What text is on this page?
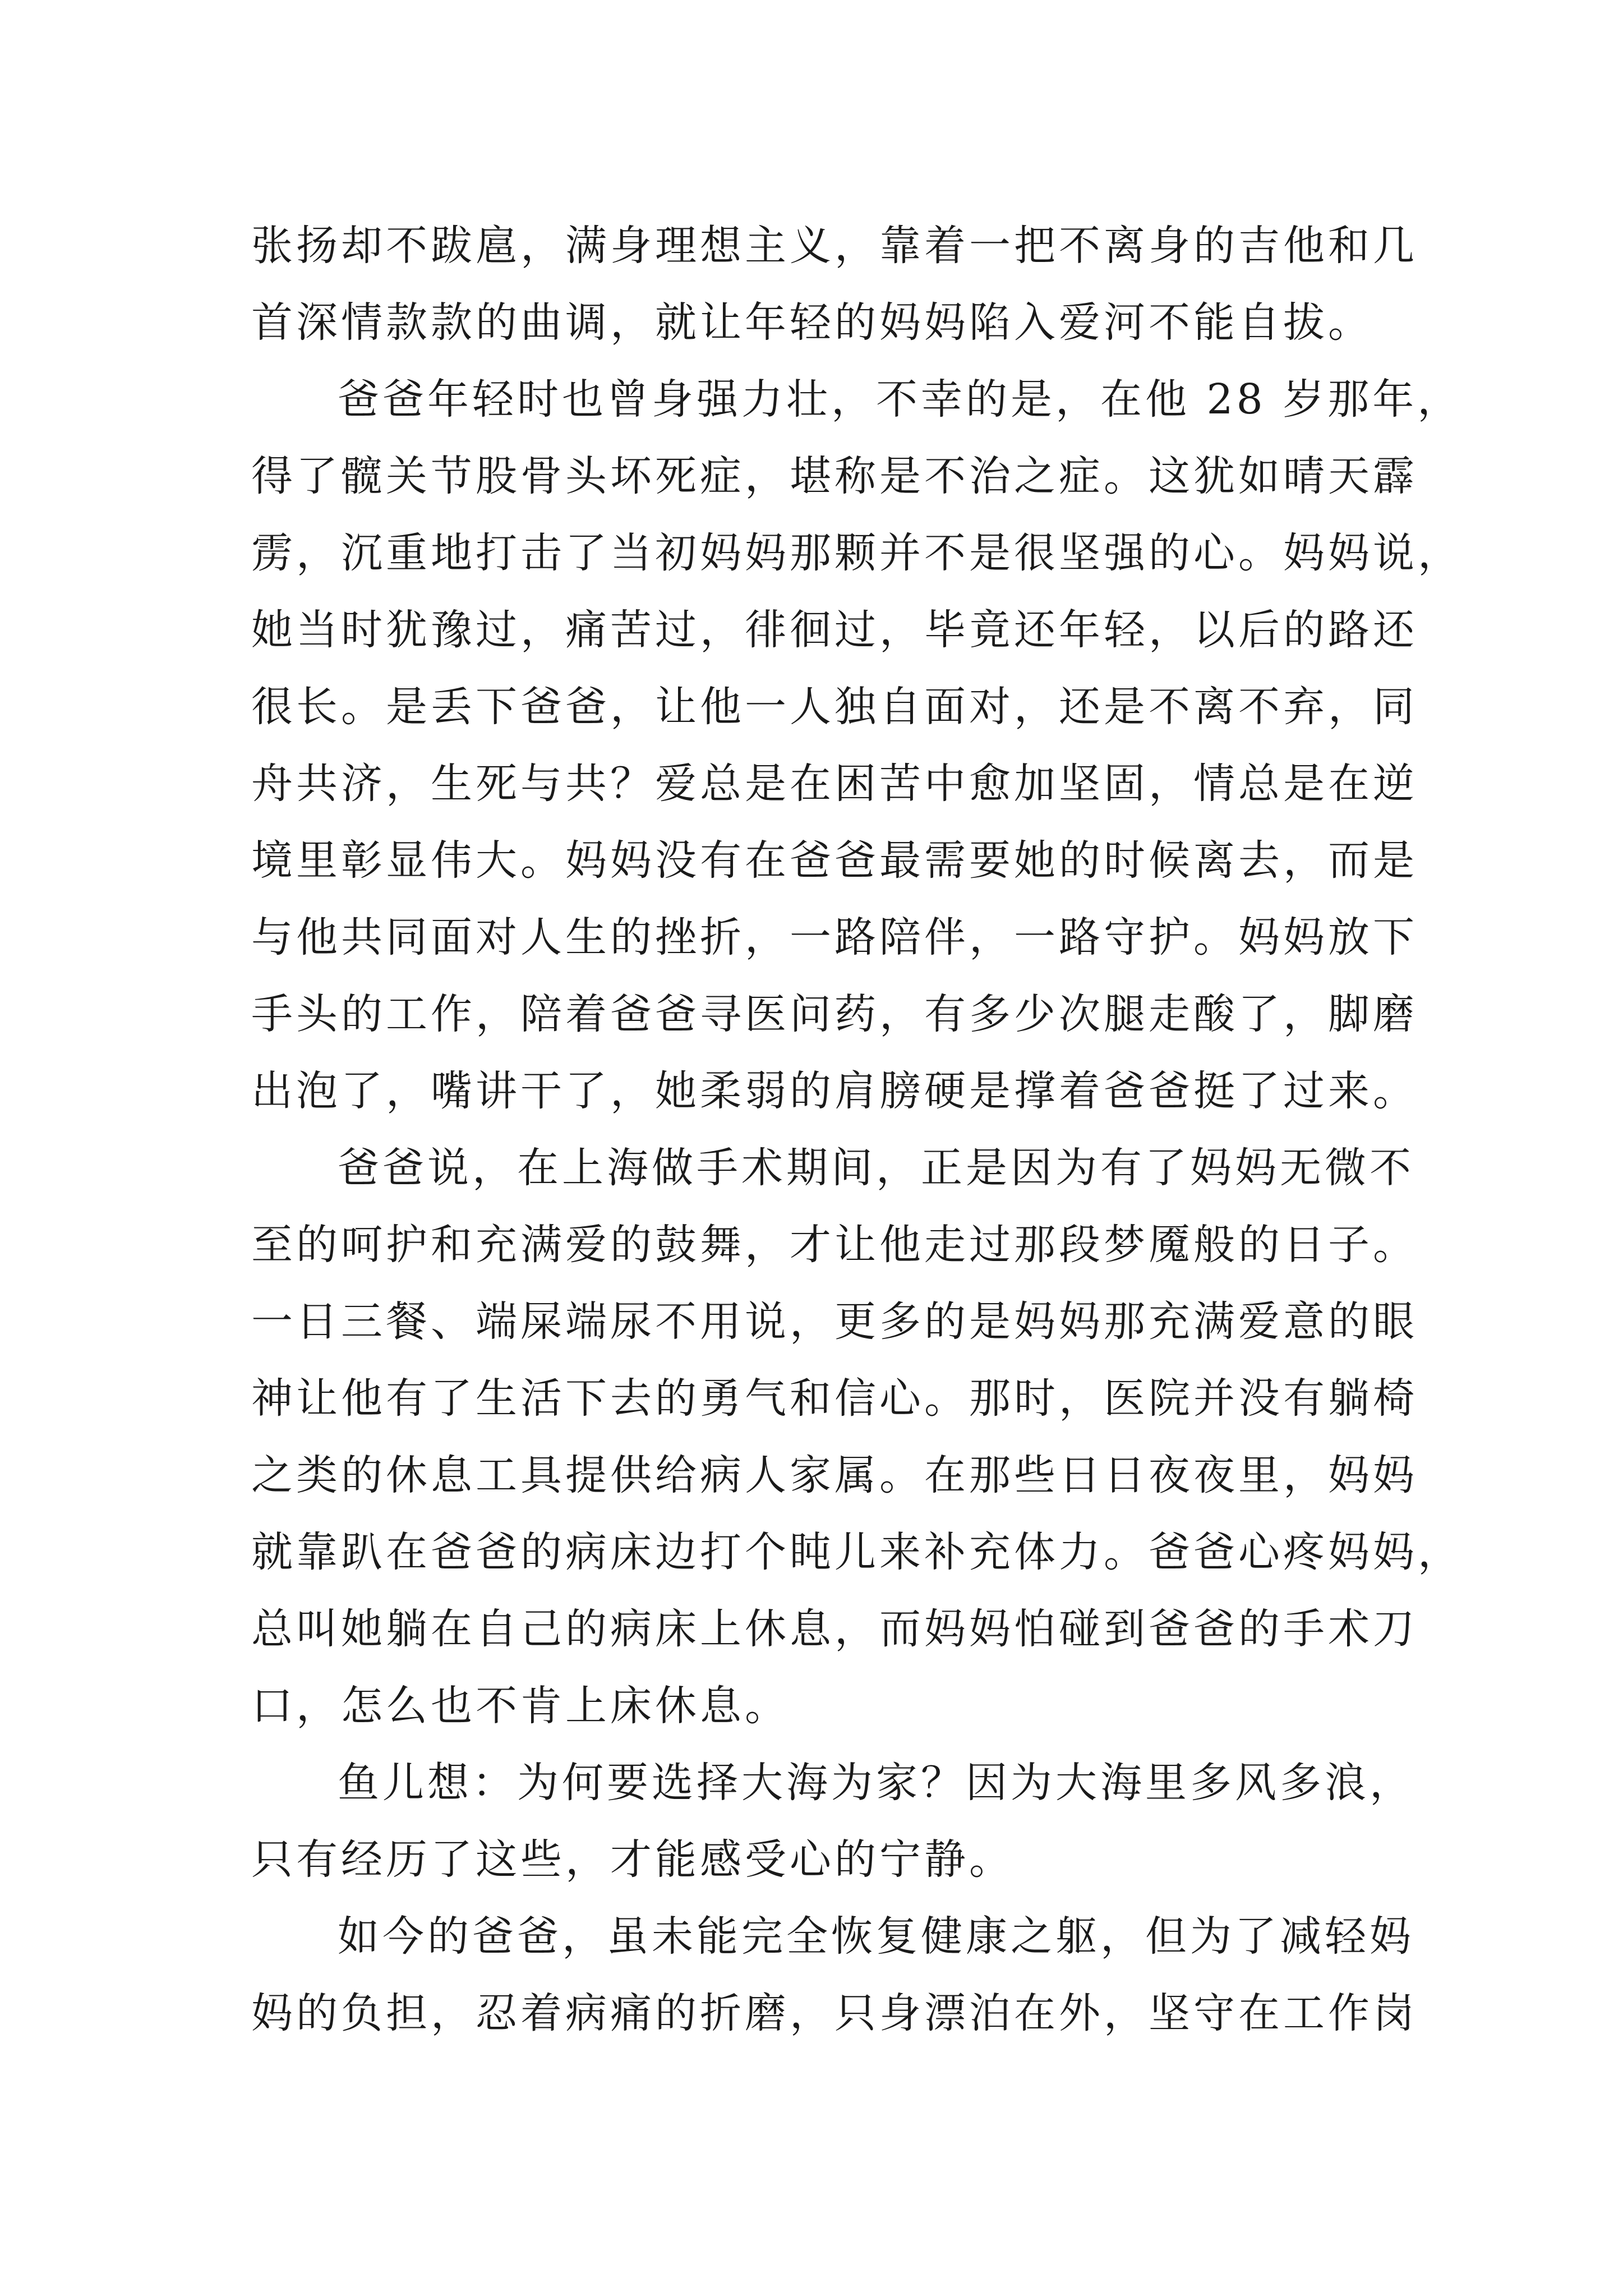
张扬却不跋扈，满身理想主义，靠着一把不离身的吉他和几
首深情款款的曲调，就让年轻的妈妈陷入爱河不能自拔。
爸爸年轻时也曾身强力壮，不幸的是，在他 28 岁那年，
得了髋关节股骨头坏死症，堪称是不治之症。这犹如晴天霹
雳，沉重地打击了当初妈妈那颗并不是很坚强的心。妈妈说，
她当时犹豫过，痛苦过，徘徊过，毕竟还年轻，以后的路还
很长。是丢下爸爸，让他一人独自面对，还是不离不弃，同
舟共济，生死与共？爱总是在困苦中愈加坚固，情总是在逆
境里彰显伟大。妈妈没有在爸爸最需要她的时候离去，而是
与他共同面对人生的挫折，一路陪伴，一路守护。妈妈放下
手头的工作，陪着爸爸寻医问药，有多少次腿走酸了，脚磨
出泡了，嘴讲干了，她柔弱的肩膀硬是撑着爸爸挺了过来。
爸爸说，在上海做手术期间，正是因为有了妈妈无微不
至的呵护和充满爱的鼓舞，才让他走过那段梦魇般的日子。
一日三餐、端屎端尿不用说，更多的是妈妈那充满爱意的眼
神让他有了生活下去的勇气和信心。那时，医院并没有躺椅
之类的休息工具提供给病人家属。在那些日日夜夜里，妈妈
就靠趴在爸爸的病床边打个盹儿来补充体力。爸爸心疼妈妈，
总叫她躺在自己的病床上休息，而妈妈怕碰到爸爸的手术刀
口，怎么也不肯上床休息。
鱼儿想：为何要选择大海为家？因为大海里多风多浪，
只有经历了这些，才能感受心的宁静。
如今的爸爸，虽未能完全恢复健康之躯，但为了减轻妈
妈的负担，忍着病痛的折磨，只身漂泊在外，坚守在工作岗
